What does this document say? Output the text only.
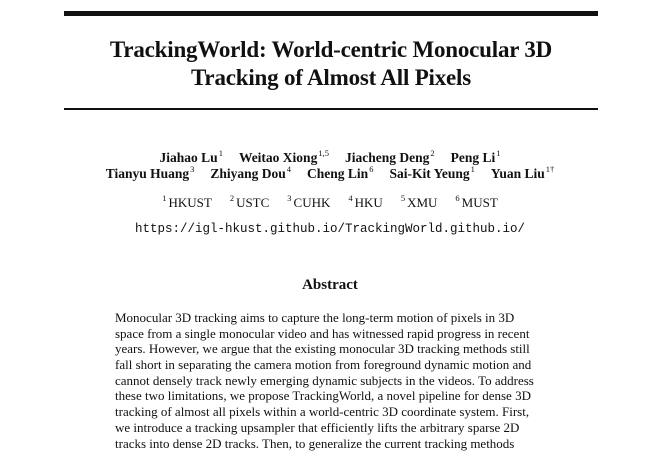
TrackingWorld: World-centric Monocular 3D
Tracking of Almost All Pixels
Jiahao Lu$^1$ Weitao Xiong$^{1,5}$ Jiacheng Deng$^2$ Peng Li$^1$
Tianyu Huang$^3$ Zhiyang Dou$^4$ Cheng Lin$^6$ Sai-Kit Yeung$^1$ Yuan Liu$^{1\dagger}$
$^1$ HKUST $^2$ USTC $^3$ CUHK $^4$ HKU $^5$ XMU $^6$ MUST
https://igl-hkust.github.io/TrackingWorld.github.io/
Abstract
Monocular 3D tracking aims to capture the long-term motion of pixels in 3D
space from a single monocular video and has witnessed rapid progress in recent
years. However, we argue that the existing monocular 3D tracking methods still
fall short in separating the camera motion from foreground dynamic motion and
cannot densely track newly emerging dynamic subjects in the videos. To address
these two limitations, we propose TrackingWorld, a novel pipeline for dense 3D
tracking of almost all pixels within a world-centric 3D coordinate system. First,
we introduce a tracking upsampler that efficiently lifts the arbitrary sparse 2D
tracks into dense 2D tracks. Then, to generalize the current tracking methods
